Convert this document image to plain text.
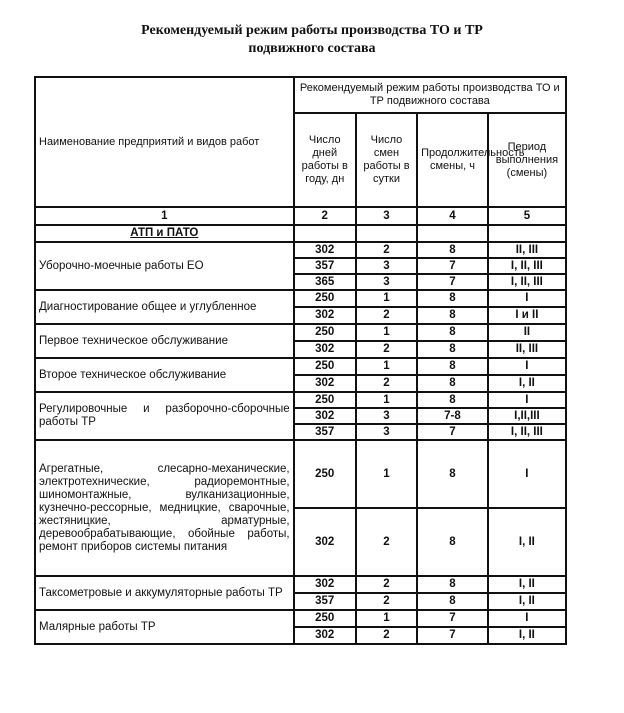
Рекомендуемый режим работы производства ТО и ТР
подвижного состава
Наименование предприятий и видов работ	Рекомендуемый режим работы производства ТО и ТР подвижного состава			
	Число дней работы в году, дн	Число смен работы в сутки	Продолжительность смены, ч	Период выполнения (смены)
1	2	3	4	5
АТП и ПАТО				
Уборочно-моечные работы ЕО	302	2	8	II, III
	357	3	7	I, II, III
	365	3	7	I, II, III
Диагностирование общее и углубленное	250	1	8	I
	302	2	8	I и II
Первое техническое обслуживание	250	1	8	II
	302	2	8	II, III
Второе техническое обслуживание	250	1	8	I
	302	2	8	I, II
Регулировочные и разборочно-сборочные работы ТР	250	1	8	I
	302	3	7-8	I,II,III
	357	3	7	I, II, III
Агрегатные, слесарно-механические, электротехнические, радиоремонтные, шиномонтажные, вулканизационные, кузнечно-рессорные, медницкие, сварочные, жестяницкие, арматурные, деревообрабатывающие, обойные работы, ремонт приборов системы питания	250	1	8	I
	302	2	8	I, II
Таксометровые и аккумуляторные работы ТР	302	2	8	I, II
	357	2	8	I, II
Малярные работы ТР	250	1	7	I
	302	2	7	I, II
